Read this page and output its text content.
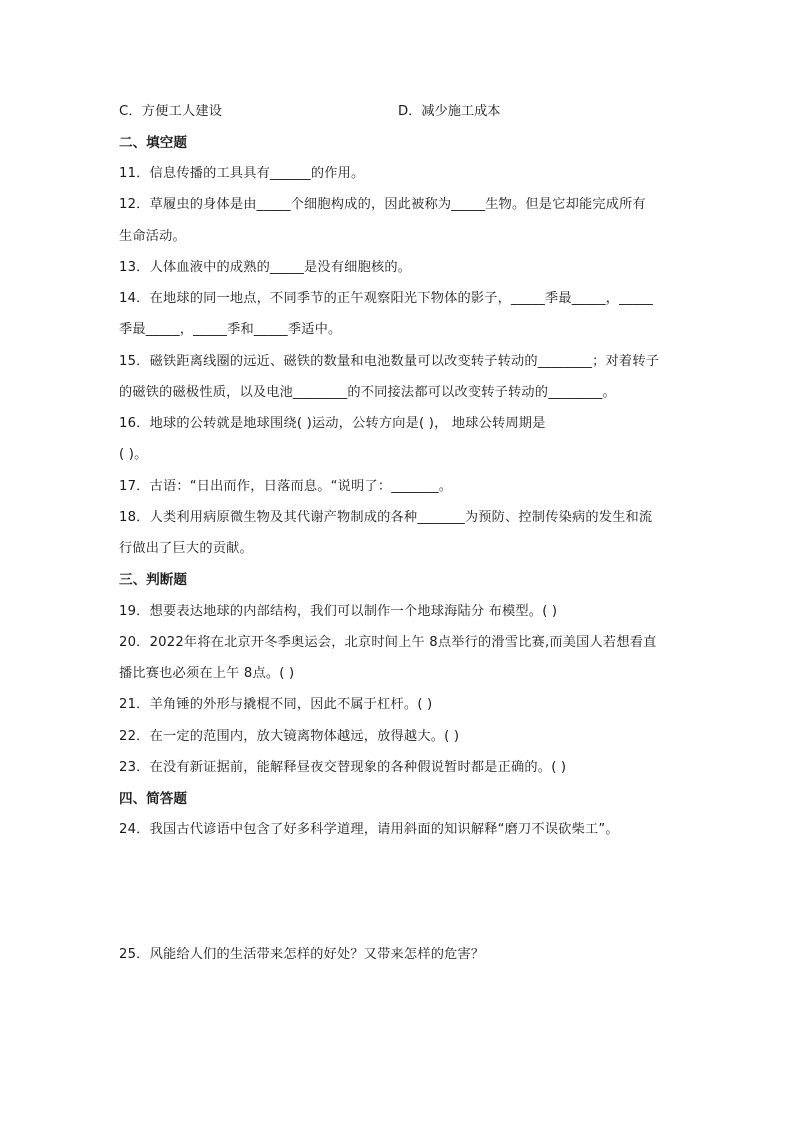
C．方便工人建设	D．减少施工成本
二、填空题
11．信息传播的工具具有______的作用。
12．草履虫的身体是由_____个细胞构成的，因此被称为_____生物。但是它却能完成所有
生命活动。
13．人体血液中的成熟的_____是没有细胞核的。
14．在地球的同一地点，不同季节的正午观察阳光下物体的影子，_____季最_____，_____
季最_____，_____季和_____季适中。
15．磁铁距离线圈的远近、磁铁的数量和电池数量可以改变转子转动的________；对着转子
的磁铁的磁极性质，以及电池________的不同接法都可以改变转子转动的________。
16．地球的公转就是地球围绕( )运动，公转方向是( )， 地球公转周期是
( )。
17．古语：“日出而作，日落而息。“说明了：_______。
18．人类利用病原微生物及其代谢产物制成的各种_______为预防、控制传染病的发生和流
行做出了巨大的贡献。
三、判断题
19．想要表达地球的内部结构，我们可以制作一个地球海陆分 布模型。( )
20．2022年将在北京开冬季奥运会，北京时间上午 8点举行的滑雪比赛,而美国人若想看直
播比赛也必须在上午 8点。( )
21．羊角锤的外形与撬棍不同，因此不属于杠杆。( )
22．在一定的范围内，放大镜离物体越远，放得越大。( )
23．在没有新证据前，能解释昼夜交替现象的各种假说暂时都是正确的。( )
四、简答题
24．我国古代谚语中包含了好多科学道理，请用斜面的知识解释“磨刀不误砍柴工”。
25．风能给人们的生活带来怎样的好处？又带来怎样的危害？
